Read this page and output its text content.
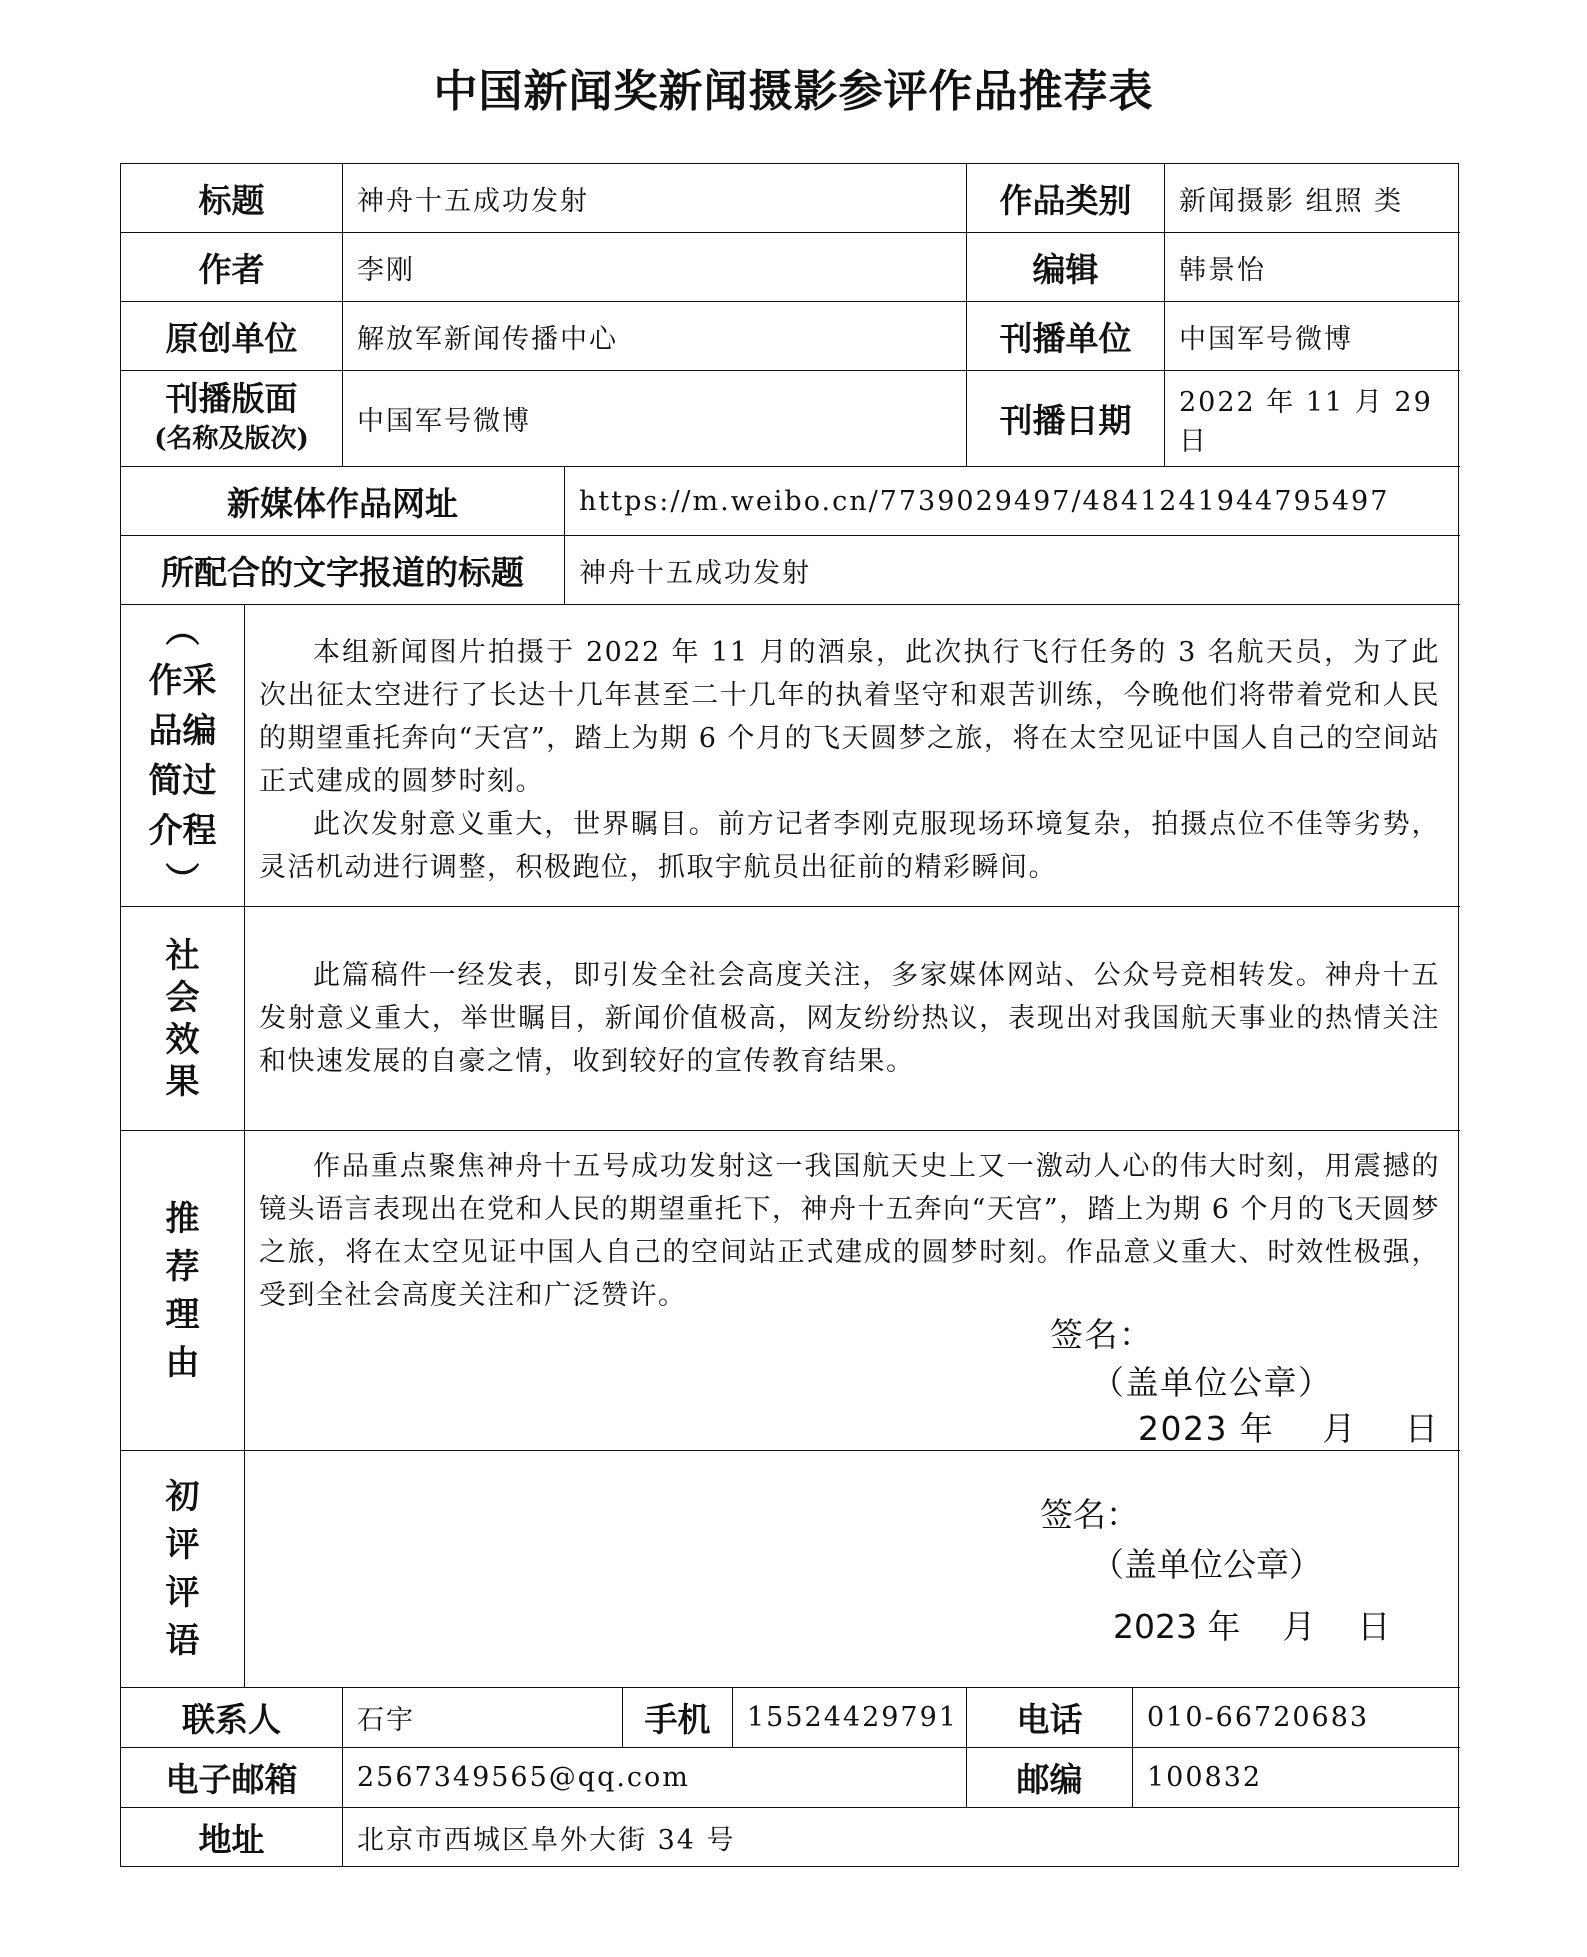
中国新闻奖新闻摄影参评作品推荐表
标题	神舟十五成功发射	作品类别	新闻摄影 组照 类
作者	李刚	编辑	韩景怡
原创单位	解放军新闻传播中心	刊播单位	中国军号微博
刊播版面
(名称及版次)
中国军号微博	刊播日期	2022 年 11 月 29 日
新媒体作品网址	https://m.weibo.cn/7739029497/4841241944795497
所配合的文字报道的标题	神舟十五成功发射
︵
作采
品编
简过
介程
︶

本组新闻图片拍摄于 2022 年 11 月的酒泉，此次执行飞行任务的 3 名航天员，为了此次出征太空进行了长达十几年甚至二十几年的执着坚守和艰苦训练，今晚他们将带着党和人民的期望重托奔向“天宫”，踏上为期 6 个月的飞天圆梦之旅，将在太空见证中国人自己的空间站正式建成的圆梦时刻。

此次发射意义重大，世界瞩目。前方记者李刚克服现场环境复杂，拍摄点位不佳等劣势，灵活机动进行调整，积极跑位，抓取宇航员出征前的精彩瞬间。

社
会
效
果

此篇稿件一经发表，即引发全社会高度关注，多家媒体网站、公众号竞相转发。神舟十五发射意义重大，举世瞩目，新闻价值极高，网友纷纷热议，表现出对我国航天事业的热情关注和快速发展的自豪之情，收到较好的宣传教育结果。

推
荐
理
由

作品重点聚焦神舟十五号成功发射这一我国航天史上又一激动人心的伟大时刻，用震撼的镜头语言表现出在党和人民的期望重托下，神舟十五奔向“天宫”，踏上为期 6 个月的飞天圆梦之旅，将在太空见证中国人自己的空间站正式建成的圆梦时刻。作品意义重大、时效性极强，受到全社会高度关注和广泛赞许。

签名：
（盖单位公章）
2023 年    月    日
初
评
评
语
签名：
（盖单位公章）
2023 年    月    日
联系人	石宇	手机	15524429791	电话	010-66720683
电子邮箱	2567349565@qq.com	邮编	100832
地址	北京市西城区阜外大街 34 号
